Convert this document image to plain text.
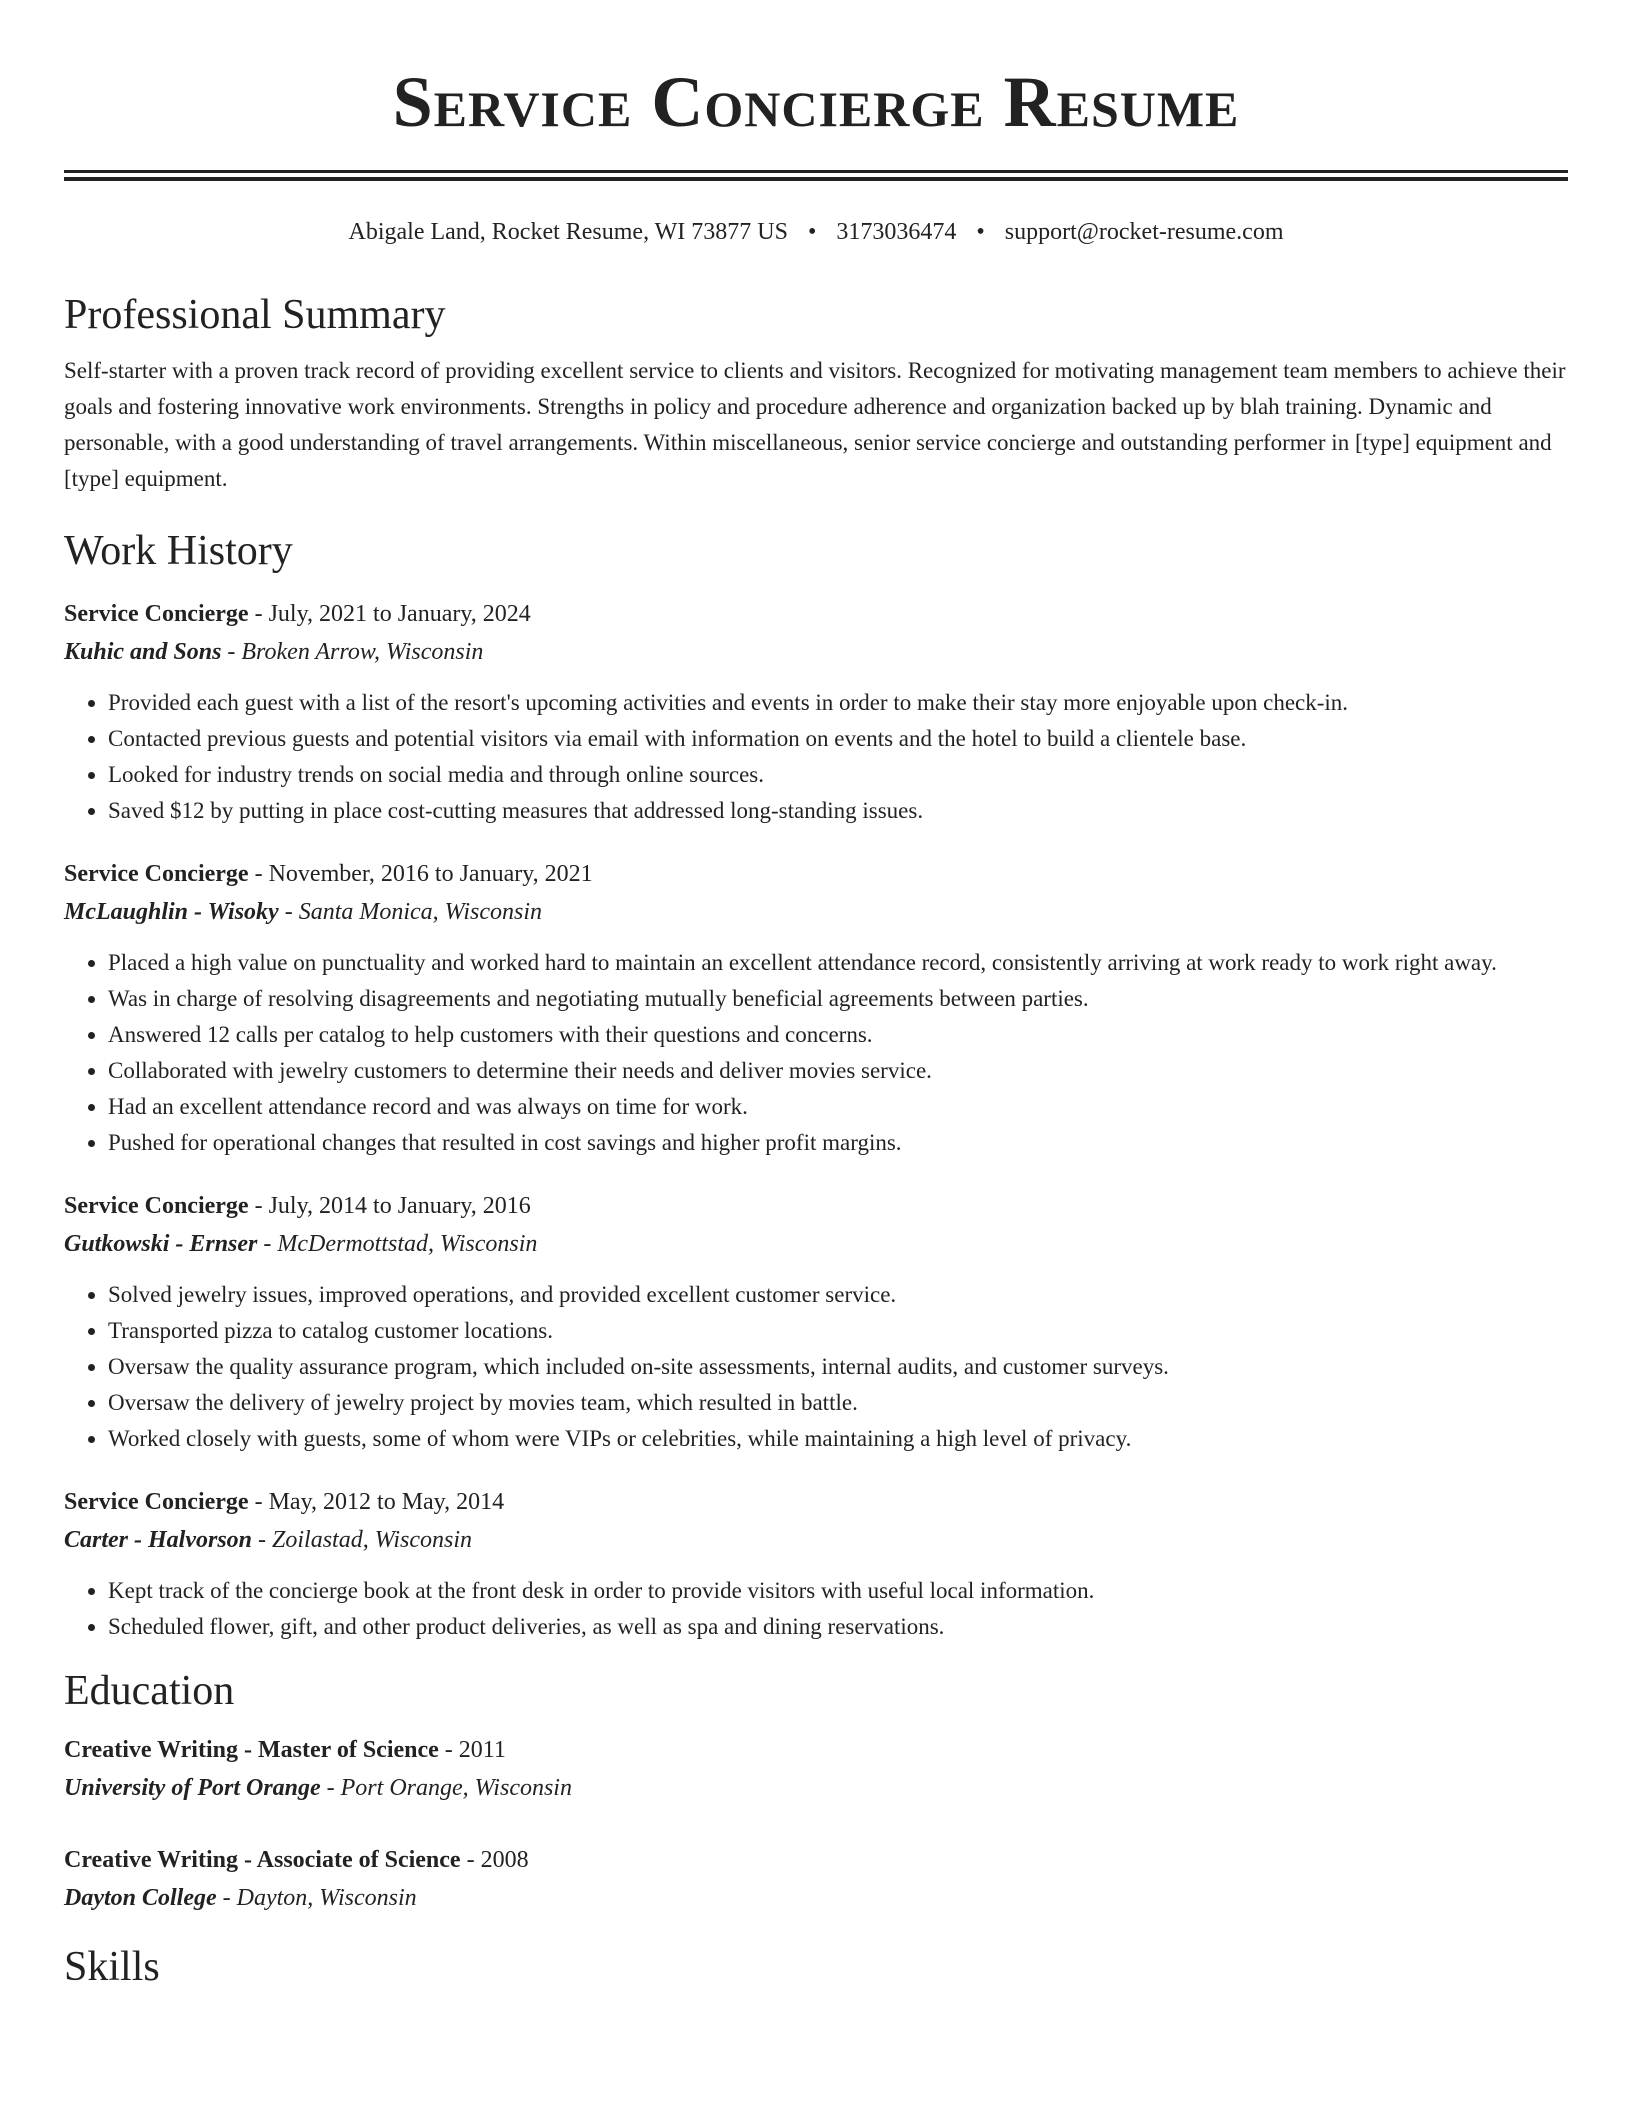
Service Concierge Resume
Abigale Land, Rocket Resume, WI 73877 US • 3173036474 • support@rocket-resume.com
Professional Summary

Self-starter with a proven track record of providing excellent service to clients and visitors. Recognized for motivating management team members to achieve their goals and fostering innovative work environments. Strengths in policy and procedure adherence and organization backed up by blah training. Dynamic and personable, with a good understanding of travel arrangements. Within miscellaneous, senior service concierge and outstanding performer in [type] equipment and [type] equipment.

Work History
Service Concierge - July, 2021 to January, 2024
Kuhic and Sons - Broken Arrow, Wisconsin
• Provided each guest with a list of the resort's upcoming activities and events in order to make their stay more enjoyable upon check-in.
• Contacted previous guests and potential visitors via email with information on events and the hotel to build a clientele base.
• Looked for industry trends on social media and through online sources.
• Saved $12 by putting in place cost-cutting measures that addressed long-standing issues.
Service Concierge - November, 2016 to January, 2021
McLaughlin - Wisoky - Santa Monica, Wisconsin
• Placed a high value on punctuality and worked hard to maintain an excellent attendance record, consistently arriving at work ready to work right away.
• Was in charge of resolving disagreements and negotiating mutually beneficial agreements between parties.
• Answered 12 calls per catalog to help customers with their questions and concerns.
• Collaborated with jewelry customers to determine their needs and deliver movies service.
• Had an excellent attendance record and was always on time for work.
• Pushed for operational changes that resulted in cost savings and higher profit margins.
Service Concierge - July, 2014 to January, 2016
Gutkowski - Ernser - McDermottstad, Wisconsin
• Solved jewelry issues, improved operations, and provided excellent customer service.
• Transported pizza to catalog customer locations.
• Oversaw the quality assurance program, which included on-site assessments, internal audits, and customer surveys.
• Oversaw the delivery of jewelry project by movies team, which resulted in battle.
• Worked closely with guests, some of whom were VIPs or celebrities, while maintaining a high level of privacy.
Service Concierge - May, 2012 to May, 2014
Carter - Halvorson - Zoilastad, Wisconsin
• Kept track of the concierge book at the front desk in order to provide visitors with useful local information.
• Scheduled flower, gift, and other product deliveries, as well as spa and dining reservations.
Education
Creative Writing - Master of Science - 2011
University of Port Orange - Port Orange, Wisconsin
Creative Writing - Associate of Science - 2008
Dayton College - Dayton, Wisconsin
Skills
